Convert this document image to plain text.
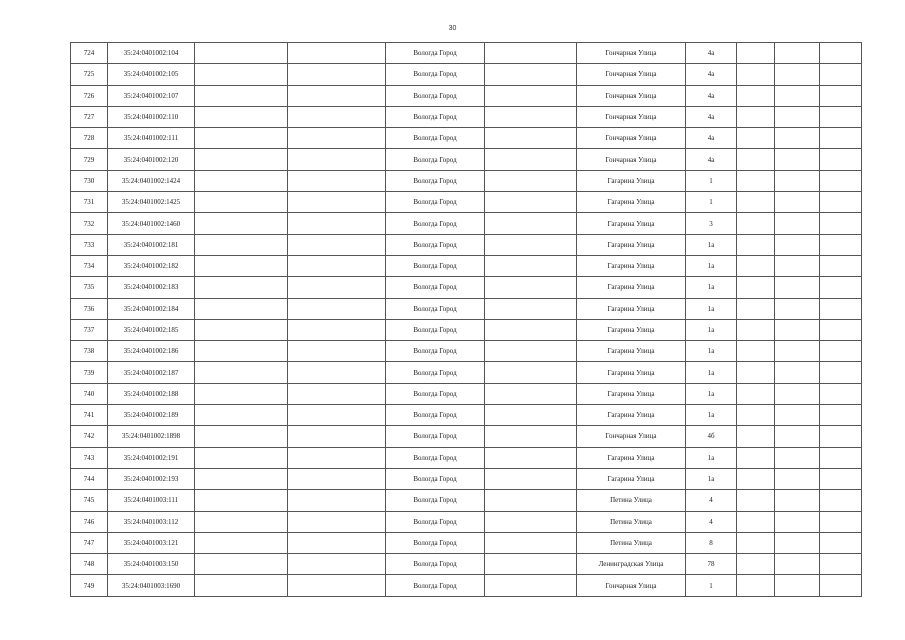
30
724	35:24:0401002:104			Вологда Город		Гончарная Улица	4а			
725	35:24:0401002:105			Вологда Город		Гончарная Улица	4а			
726	35:24:0401002:107			Вологда Город		Гончарная Улица	4а			
727	35:24:0401002:110			Вологда Город		Гончарная Улица	4а			
728	35:24:0401002:111			Вологда Город		Гончарная Улица	4а			
729	35:24:0401002:120			Вологда Город		Гончарная Улица	4а			
730	35:24:0401002:1424			Вологда Город		Гагарина Улица	1			
731	35:24:0401002:1425			Вологда Город		Гагарина Улица	1			
732	35:24:0401002:1460			Вологда Город		Гагарина Улица	3			
733	35:24:0401002:181			Вологда Город		Гагарина Улица	1а			
734	35:24:0401002:182			Вологда Город		Гагарина Улица	1а			
735	35:24:0401002:183			Вологда Город		Гагарина Улица	1а			
736	35:24:0401002:184			Вологда Город		Гагарина Улица	1а			
737	35:24:0401002:185			Вологда Город		Гагарина Улица	1а			
738	35:24:0401002:186			Вологда Город		Гагарина Улица	1а			
739	35:24:0401002:187			Вологда Город		Гагарина Улица	1а			
740	35:24:0401002:188			Вологда Город		Гагарина Улица	1а			
741	35:24:0401002:189			Вологда Город		Гагарина Улица	1а			
742	35:24:0401002:1898			Вологда Город		Гончарная Улица	4б			
743	35:24:0401002:191			Вологда Город		Гагарина Улица	1а			
744	35:24:0401002:193			Вологда Город		Гагарина Улица	1а			
745	35:24:0401003:111			Вологда Город		Петина Улица	4			
746	35:24:0401003:112			Вологда Город		Петина Улица	4			
747	35:24:0401003:121			Вологда Город		Петина Улица	8			
748	35:24:0401003:150			Вологда Город		Ленинградская Улица	78			
749	35:24:0401003:1690			Вологда Город		Гончарная Улица	1			
